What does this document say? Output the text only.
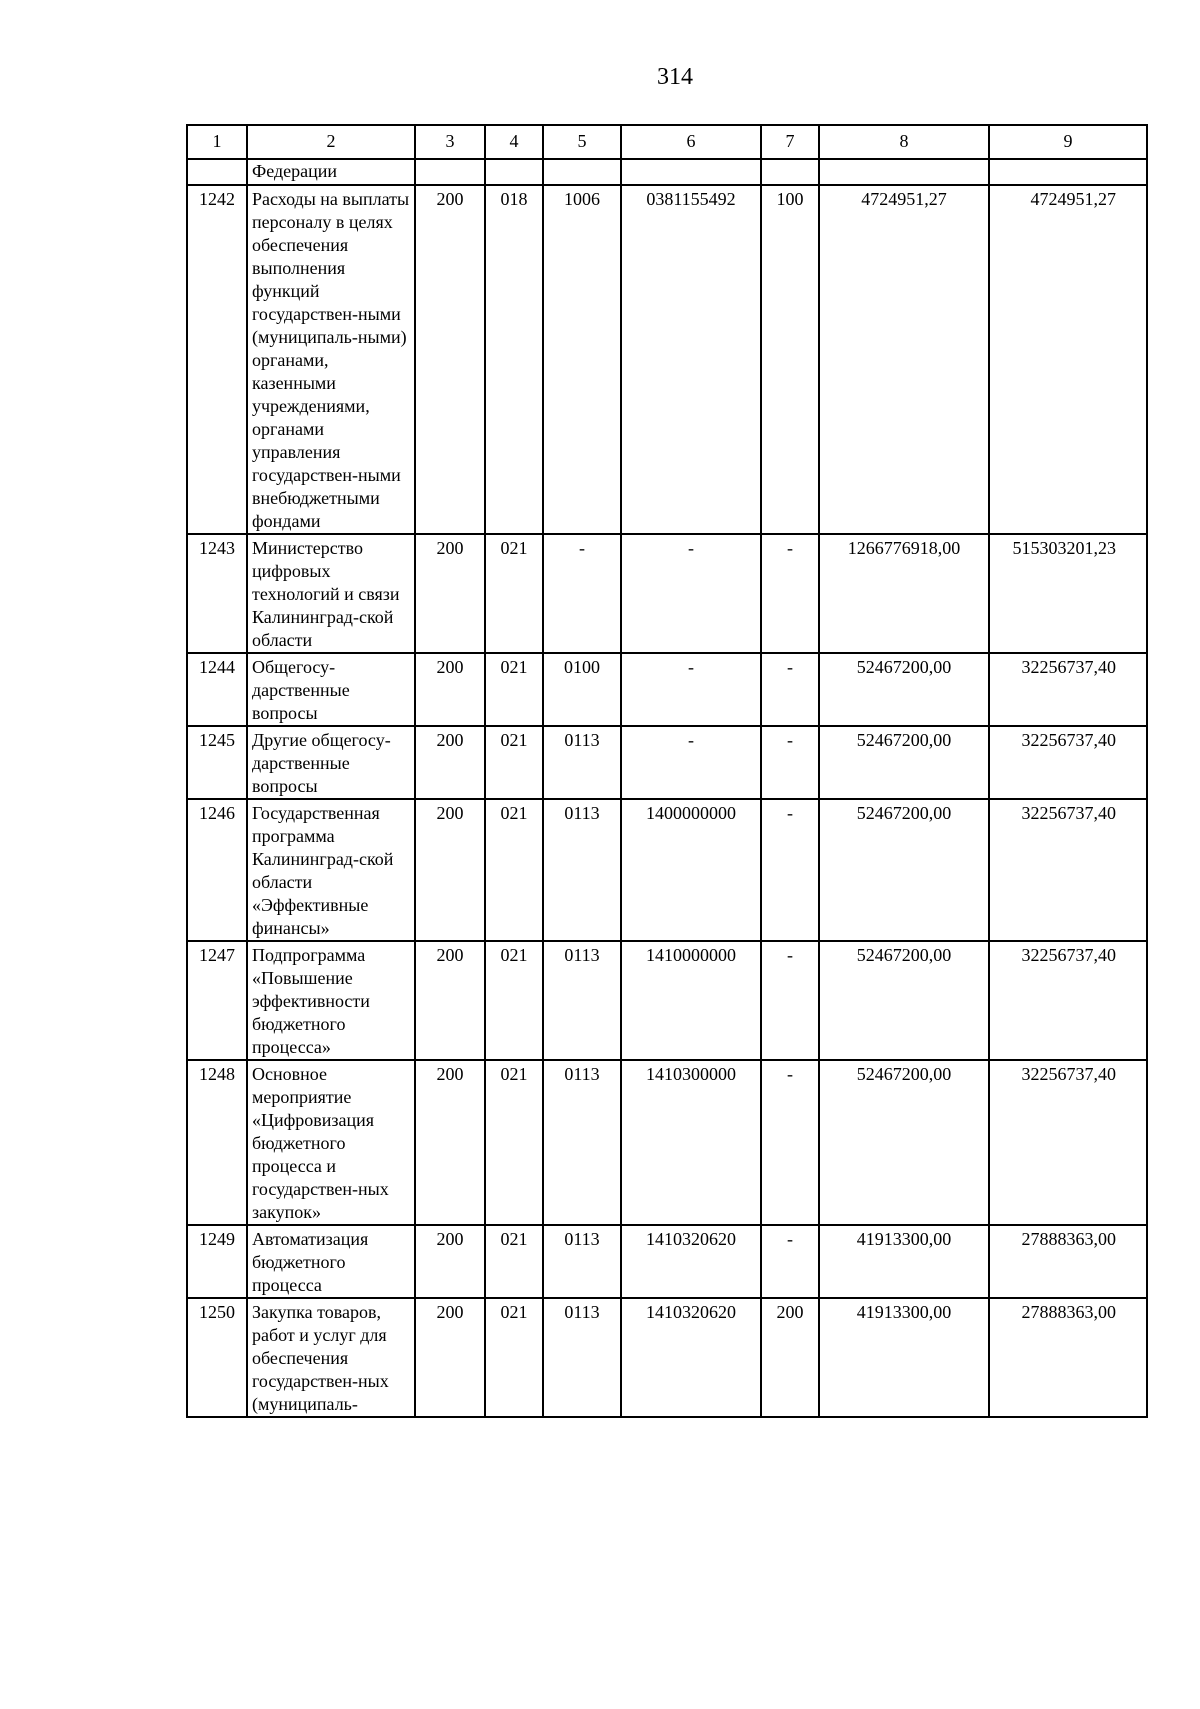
314
1	2	3	4	5	6	7	8	9
	Федерации							
1242	Расходы на выплаты персоналу в целях обеспечения выполнения функций государствен-ными (муниципаль-ными) органами, казенными учреждениями, органами управления государствен-ными внебюджетными фондами	200	018	1006	0381155492	100	4724951,27	4724951,27
1243	Министерство цифровых технологий и связи Калининград-ской области	200	021	-	-	-	1266776918,00	515303201,23
1244	Общегосу-дарственные вопросы	200	021	0100	-	-	52467200,00	32256737,40
1245	Другие общегосу-дарственные вопросы	200	021	0113	-	-	52467200,00	32256737,40
1246	Государственная программа Калининград-ской области «Эффективные финансы»	200	021	0113	1400000000	-	52467200,00	32256737,40
1247	Подпрограмма «Повышение эффективности бюджетного процесса»	200	021	0113	1410000000	-	52467200,00	32256737,40
1248	Основное мероприятие «Цифровизация бюджетного процесса и государствен-ных закупок»	200	021	0113	1410300000	-	52467200,00	32256737,40
1249	Автоматизация бюджетного процесса	200	021	0113	1410320620	-	41913300,00	27888363,00
1250	Закупка товаров, работ и услуг для обеспечения государствен-ных (муниципаль-	200	021	0113	1410320620	200	41913300,00	27888363,00
